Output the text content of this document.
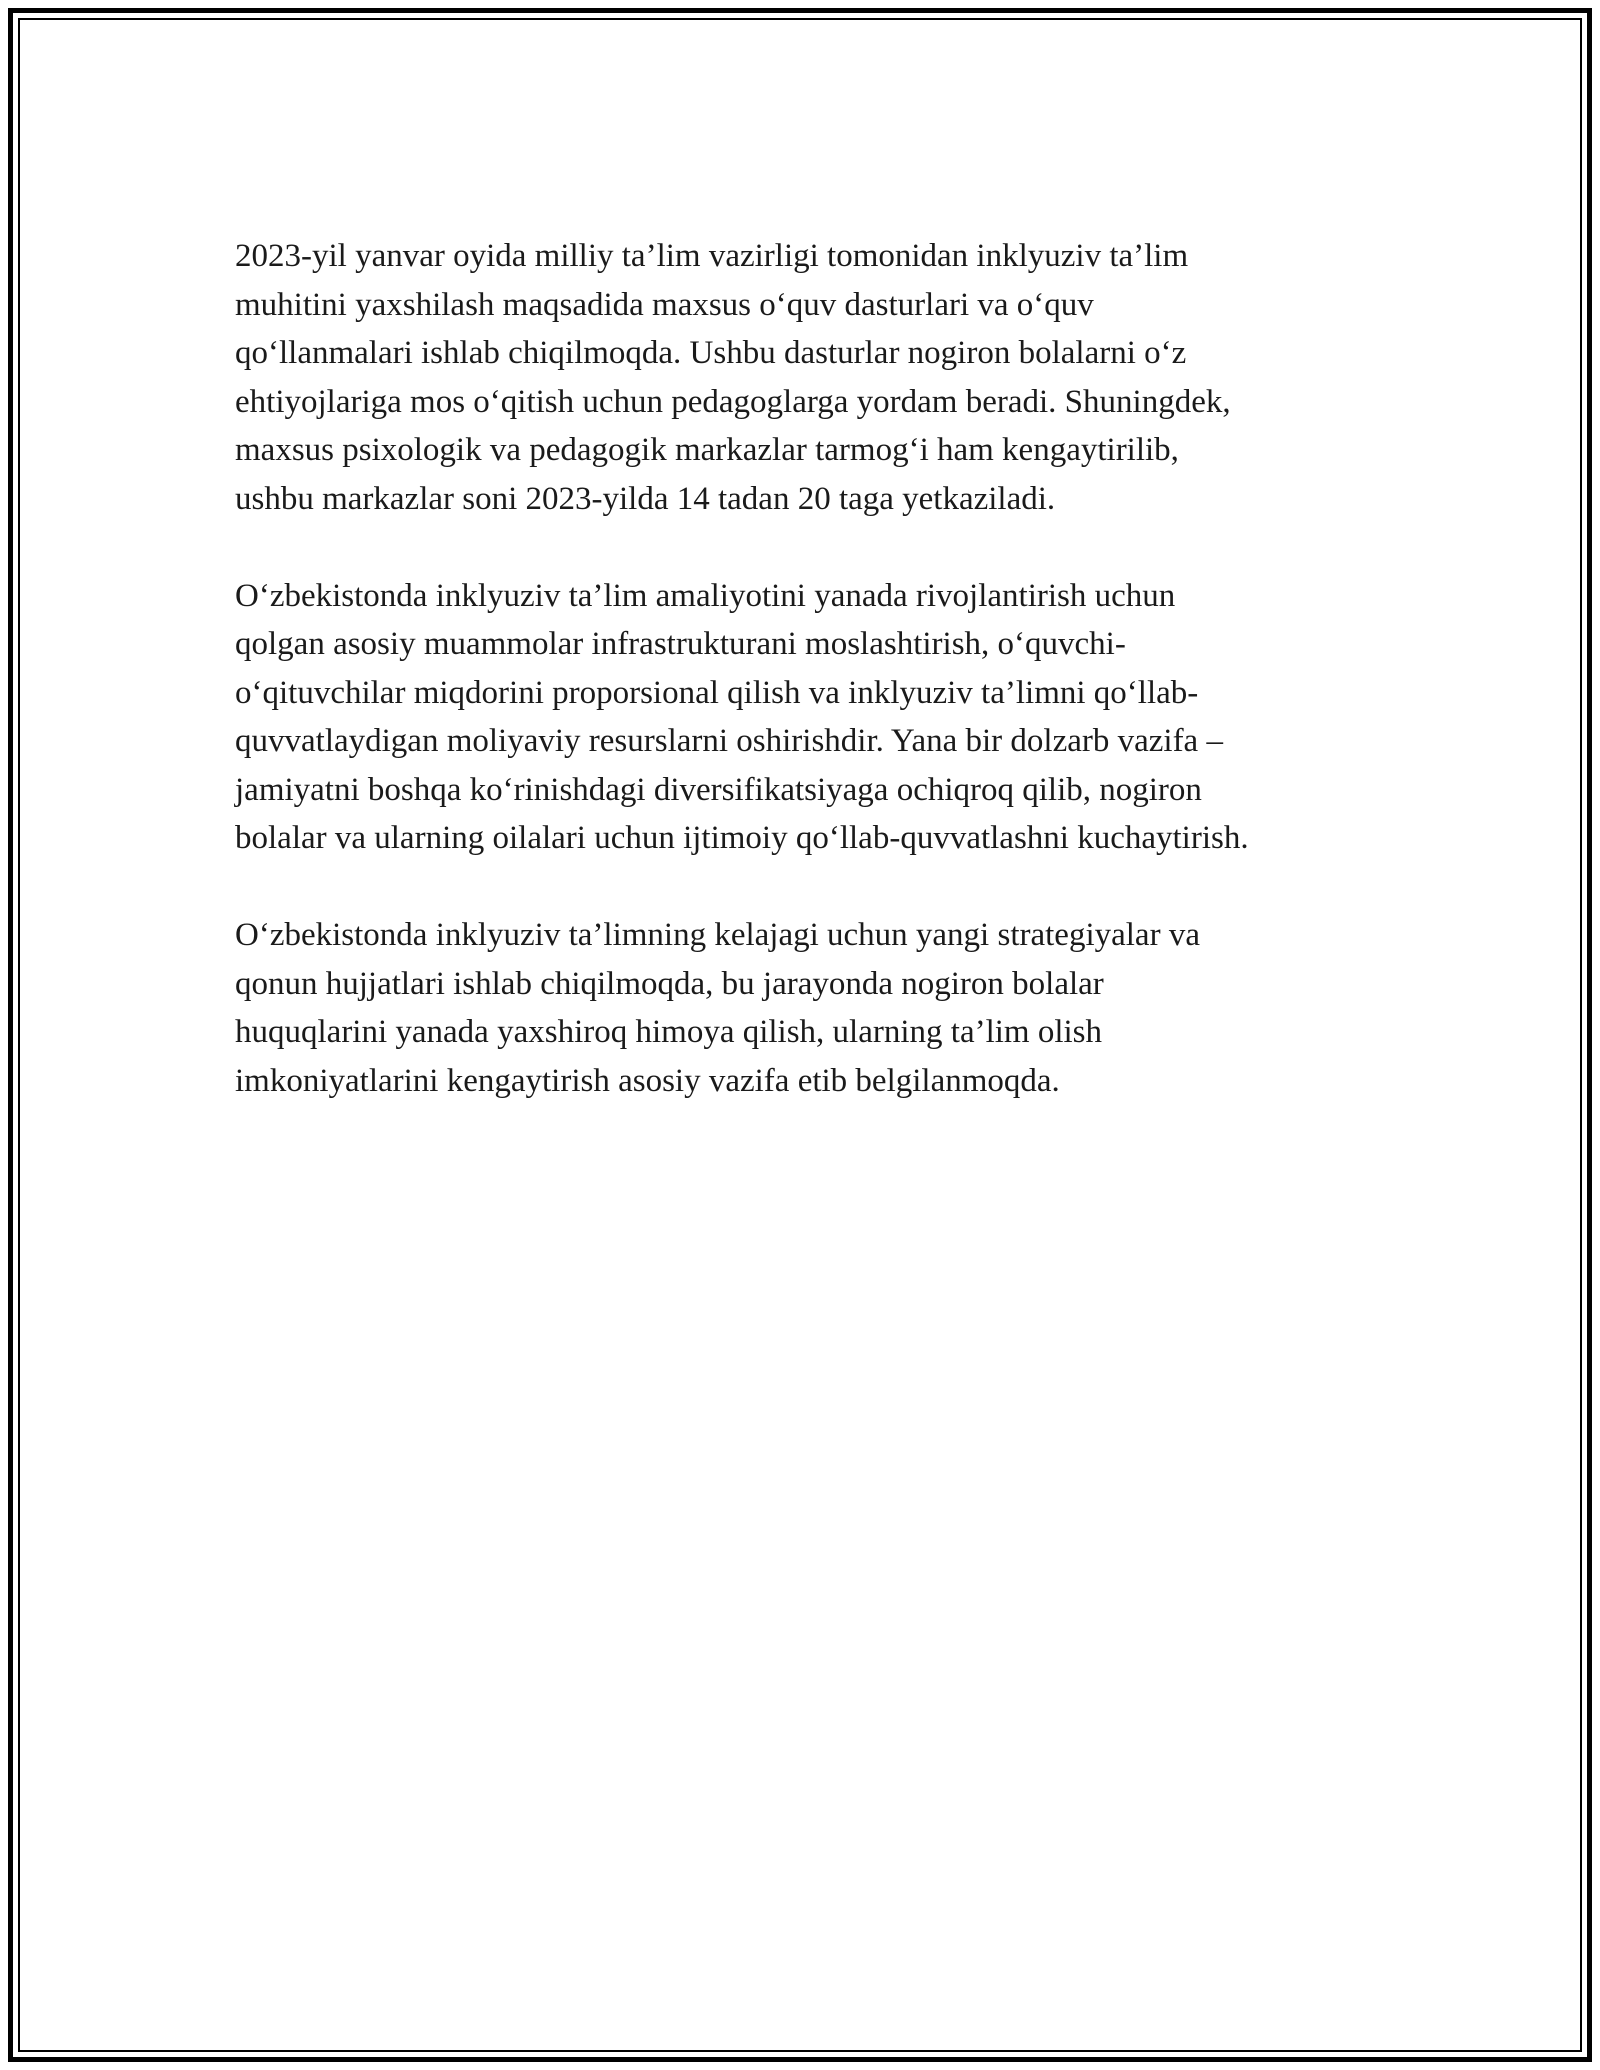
2023-yil yanvar oyida milliy ta’lim vazirligi tomonidan inklyuziv ta’lim
muhitini yaxshilash maqsadida maxsus o‘quv dasturlari va o‘quv
qo‘llanmalari ishlab chiqilmoqda. Ushbu dasturlar nogiron bolalarni o‘z
ehtiyojlariga mos o‘qitish uchun pedagoglarga yordam beradi. Shuningdek,
maxsus psixologik va pedagogik markazlar tarmog‘i ham kengaytirilib,
ushbu markazlar soni 2023-yilda 14 tadan 20 taga yetkaziladi.

O‘zbekistonda inklyuziv ta’lim amaliyotini yanada rivojlantirish uchun
qolgan asosiy muammolar infrastrukturani moslashtirish, o‘quvchi-
o‘qituvchilar miqdorini proporsional qilish va inklyuziv ta’limni qo‘llab-
quvvatlaydigan moliyaviy resurslarni oshirishdir. Yana bir dolzarb vazifa –
jamiyatni boshqa ko‘rinishdagi diversifikatsiyaga ochiqroq qilib, nogiron
bolalar va ularning oilalari uchun ijtimoiy qo‘llab-quvvatlashni kuchaytirish.

O‘zbekistonda inklyuziv ta’limning kelajagi uchun yangi strategiyalar va
qonun hujjatlari ishlab chiqilmoqda, bu jarayonda nogiron bolalar
huquqlarini yanada yaxshiroq himoya qilish, ularning ta’lim olish
imkoniyatlarini kengaytirish asosiy vazifa etib belgilanmoqda.
